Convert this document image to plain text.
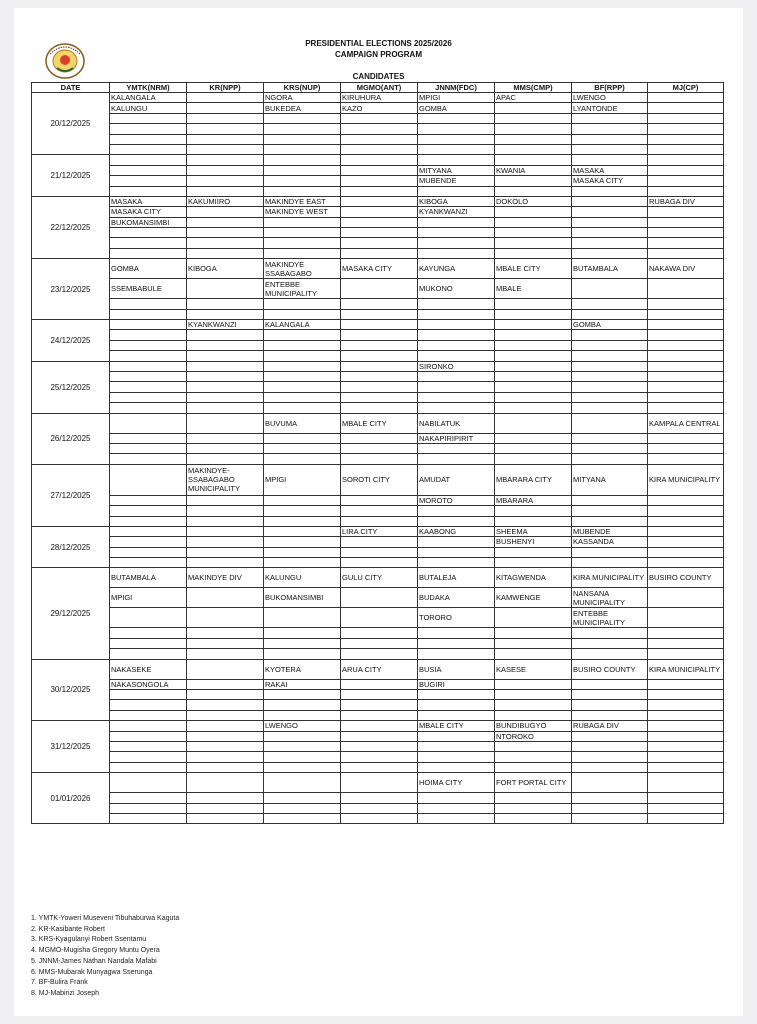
PRESIDENTIAL ELECTIONS 2025/2026
CAMPAIGN PROGRAM
CANDIDATES
DATE	YMTK(NRM)	KR(NPP)	KRS(NUP)	MGMO(ANT)	JNNM(FDC)	MMS(CMP)	BF(RPP)	MJ(CP)
20/12/2025	KALANGALA		NGORA	KIRUHURA	MPIGI	APAC	LWENGO	
	KALUNGU		BUKEDEA	KAZO	GOMBA		LYANTONDE	

21/12/2025								
					MITYANA	KWANIA	MASAKA	
					MUBENDE		MASAKA CITY	

22/12/2025	MASAKA	KAKUMIIRO	MAKINDYE EAST		KIBOGA	DOKOLO		RUBAGA DIV
	MASAKA CITY		MAKINDYE WEST		KYANKWANZI			
	BUKOMANSIMBI							

23/12/2025	GOMBA	KIBOGA	MAKINDYE SSABAGABO	MASAKA CITY	KAYUNGA	MBALE CITY	BUTAMBALA	NAKAWA DIV
	SSEMBABULE		ENTEBBE MUNICIPALITY		MUKONO	MBALE		

24/12/2025		KYANKWANZI	KALANGALA				GOMBA	

25/12/2025					SIRONKO			

26/12/2025			BUVUMA	MBALE CITY	NABILATUK			KAMPALA CENTRAL
					NAKAPIRIPIRIT			

27/12/2025		MAKINDYE-SSABAGABO MUNICIPALITY	MPIGI	SOROTI CITY	AMUDAT	MBARARA CITY	MITYANA	KIRA MUNICIPALITY
					MOROTO	MBARARA		

28/12/2025				LIRA CITY	KAABONG	SHEEMA	MUBENDE	
						BUSHENYI	KASSANDA	

29/12/2025	BUTAMBALA	MAKINDYE DIV	KALUNGU	GULU CITY	BUTALEJA	KITAGWENDA	KIRA MUNICIPALITY	BUSIRO COUNTY
	MPIGI		BUKOMANSIMBI		BUDAKA	KAMWENGE	NANSANA MUNICIPALITY	
					TORORO		ENTEBBE MUNICIPALITY	

30/12/2025	NAKASEKE		KYOTERA	ARUA CITY	BUSIA	KASESE	BUSIRO COUNTY	KIRA MUNICIPALITY
	NAKASONGOLA		RAKAI		BUGIRI			

31/12/2025			LWENGO		MBALE CITY	BUNDIBUGYO	RUBAGA DIV	
						NTOROKO		

01/01/2026					HOIMA CITY	FORT PORTAL CITY		

1. YMTK-Yoweri Museveni Tibuhaburwa Kaguta
2. KR-Kasibante Robert
3. KRS-Kyagulanyi Robert Ssentamu
4. MGMO-Mugisha Gregory Muntu Oyera
5. JNNM-James Nathan Nandala Mafabi
6. MMS-Mubarak Munyagwa Sserunga
7. BF-Bulira Frank
8. MJ-Mabirizi Joseph
